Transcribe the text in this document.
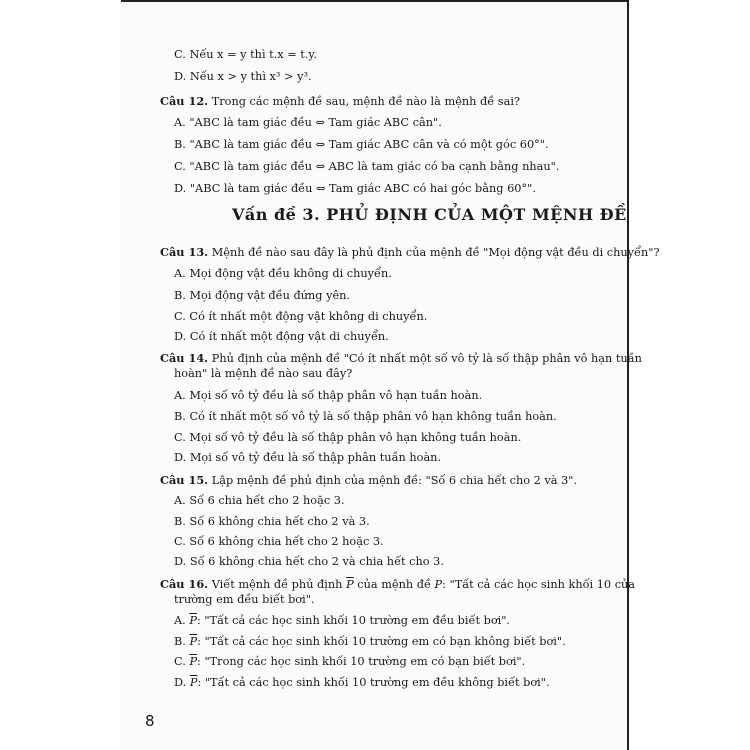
C. Nếu x = y thì t.x = t.y.
D. Nếu x > y thì x³ > y³.
Câu 12. Trong các mệnh đề sau, mệnh đề nào là mệnh đề sai?
A. "ABC là tam giác đều ⇔ Tam giác ABC cân".
B. "ABC là tam giác đều ⇔ Tam giác ABC cân và có một góc 60°".
C. "ABC là tam giác đều ⇔ ABC là tam giác có ba cạnh bằng nhau".
D. "ABC là tam giác đều ⇔ Tam giác ABC có hai góc bằng 60°".
Vấn đề 3. PHỦ ĐỊNH CỦA MỘT MỆNH ĐỀ
Câu 13. Mệnh đề nào sau đây là phủ định của mệnh đề "Mọi động vật đều di chuyển"?
A. Mọi động vật đều không di chuyển.
B. Mọi động vật đều đứng yên.
C. Có ít nhất một động vật không di chuyển.
D. Có ít nhất một động vật di chuyển.
Câu 14. Phủ định của mệnh đề "Có ít nhất một số vô tỷ là số thập phân vô hạn tuần
hoàn" là mệnh đề nào sau đây?
A. Mọi số vô tỷ đều là số thập phân vô hạn tuần hoàn.
B. Có ít nhất một số vô tỷ là số thập phân vô hạn không tuần hoàn.
C. Mọi số vô tỷ đều là số thập phân vô hạn không tuần hoàn.
D. Mọi số vô tỷ đều là số thập phân tuần hoàn.
Câu 15. Lập mệnh đề phủ định của mệnh đề: "Số 6 chia hết cho 2 và 3".
A. Số 6 chia hết cho 2 hoặc 3.
B. Số 6 không chia hết cho 2 và 3.
C. Số 6 không chia hết cho 2 hoặc 3.
D. Số 6 không chia hết cho 2 và chia hết cho 3.
Câu 16. Viết mệnh đề phủ định $\overline{P}$ của mệnh đề P: "Tất cả các học sinh khối 10 của
trường em đều biết bơi".
A. $\overline{P}$: "Tất cả các học sinh khối 10 trường em đều biết bơi".
B. $\overline{P}$: "Tất cả các học sinh khối 10 trường em có bạn không biết bơi".
C. $\overline{P}$: "Trong các học sinh khối 10 trường em có bạn biết bơi".
D. $\overline{P}$: "Tất cả các học sinh khối 10 trường em đều không biết bơi".
8
